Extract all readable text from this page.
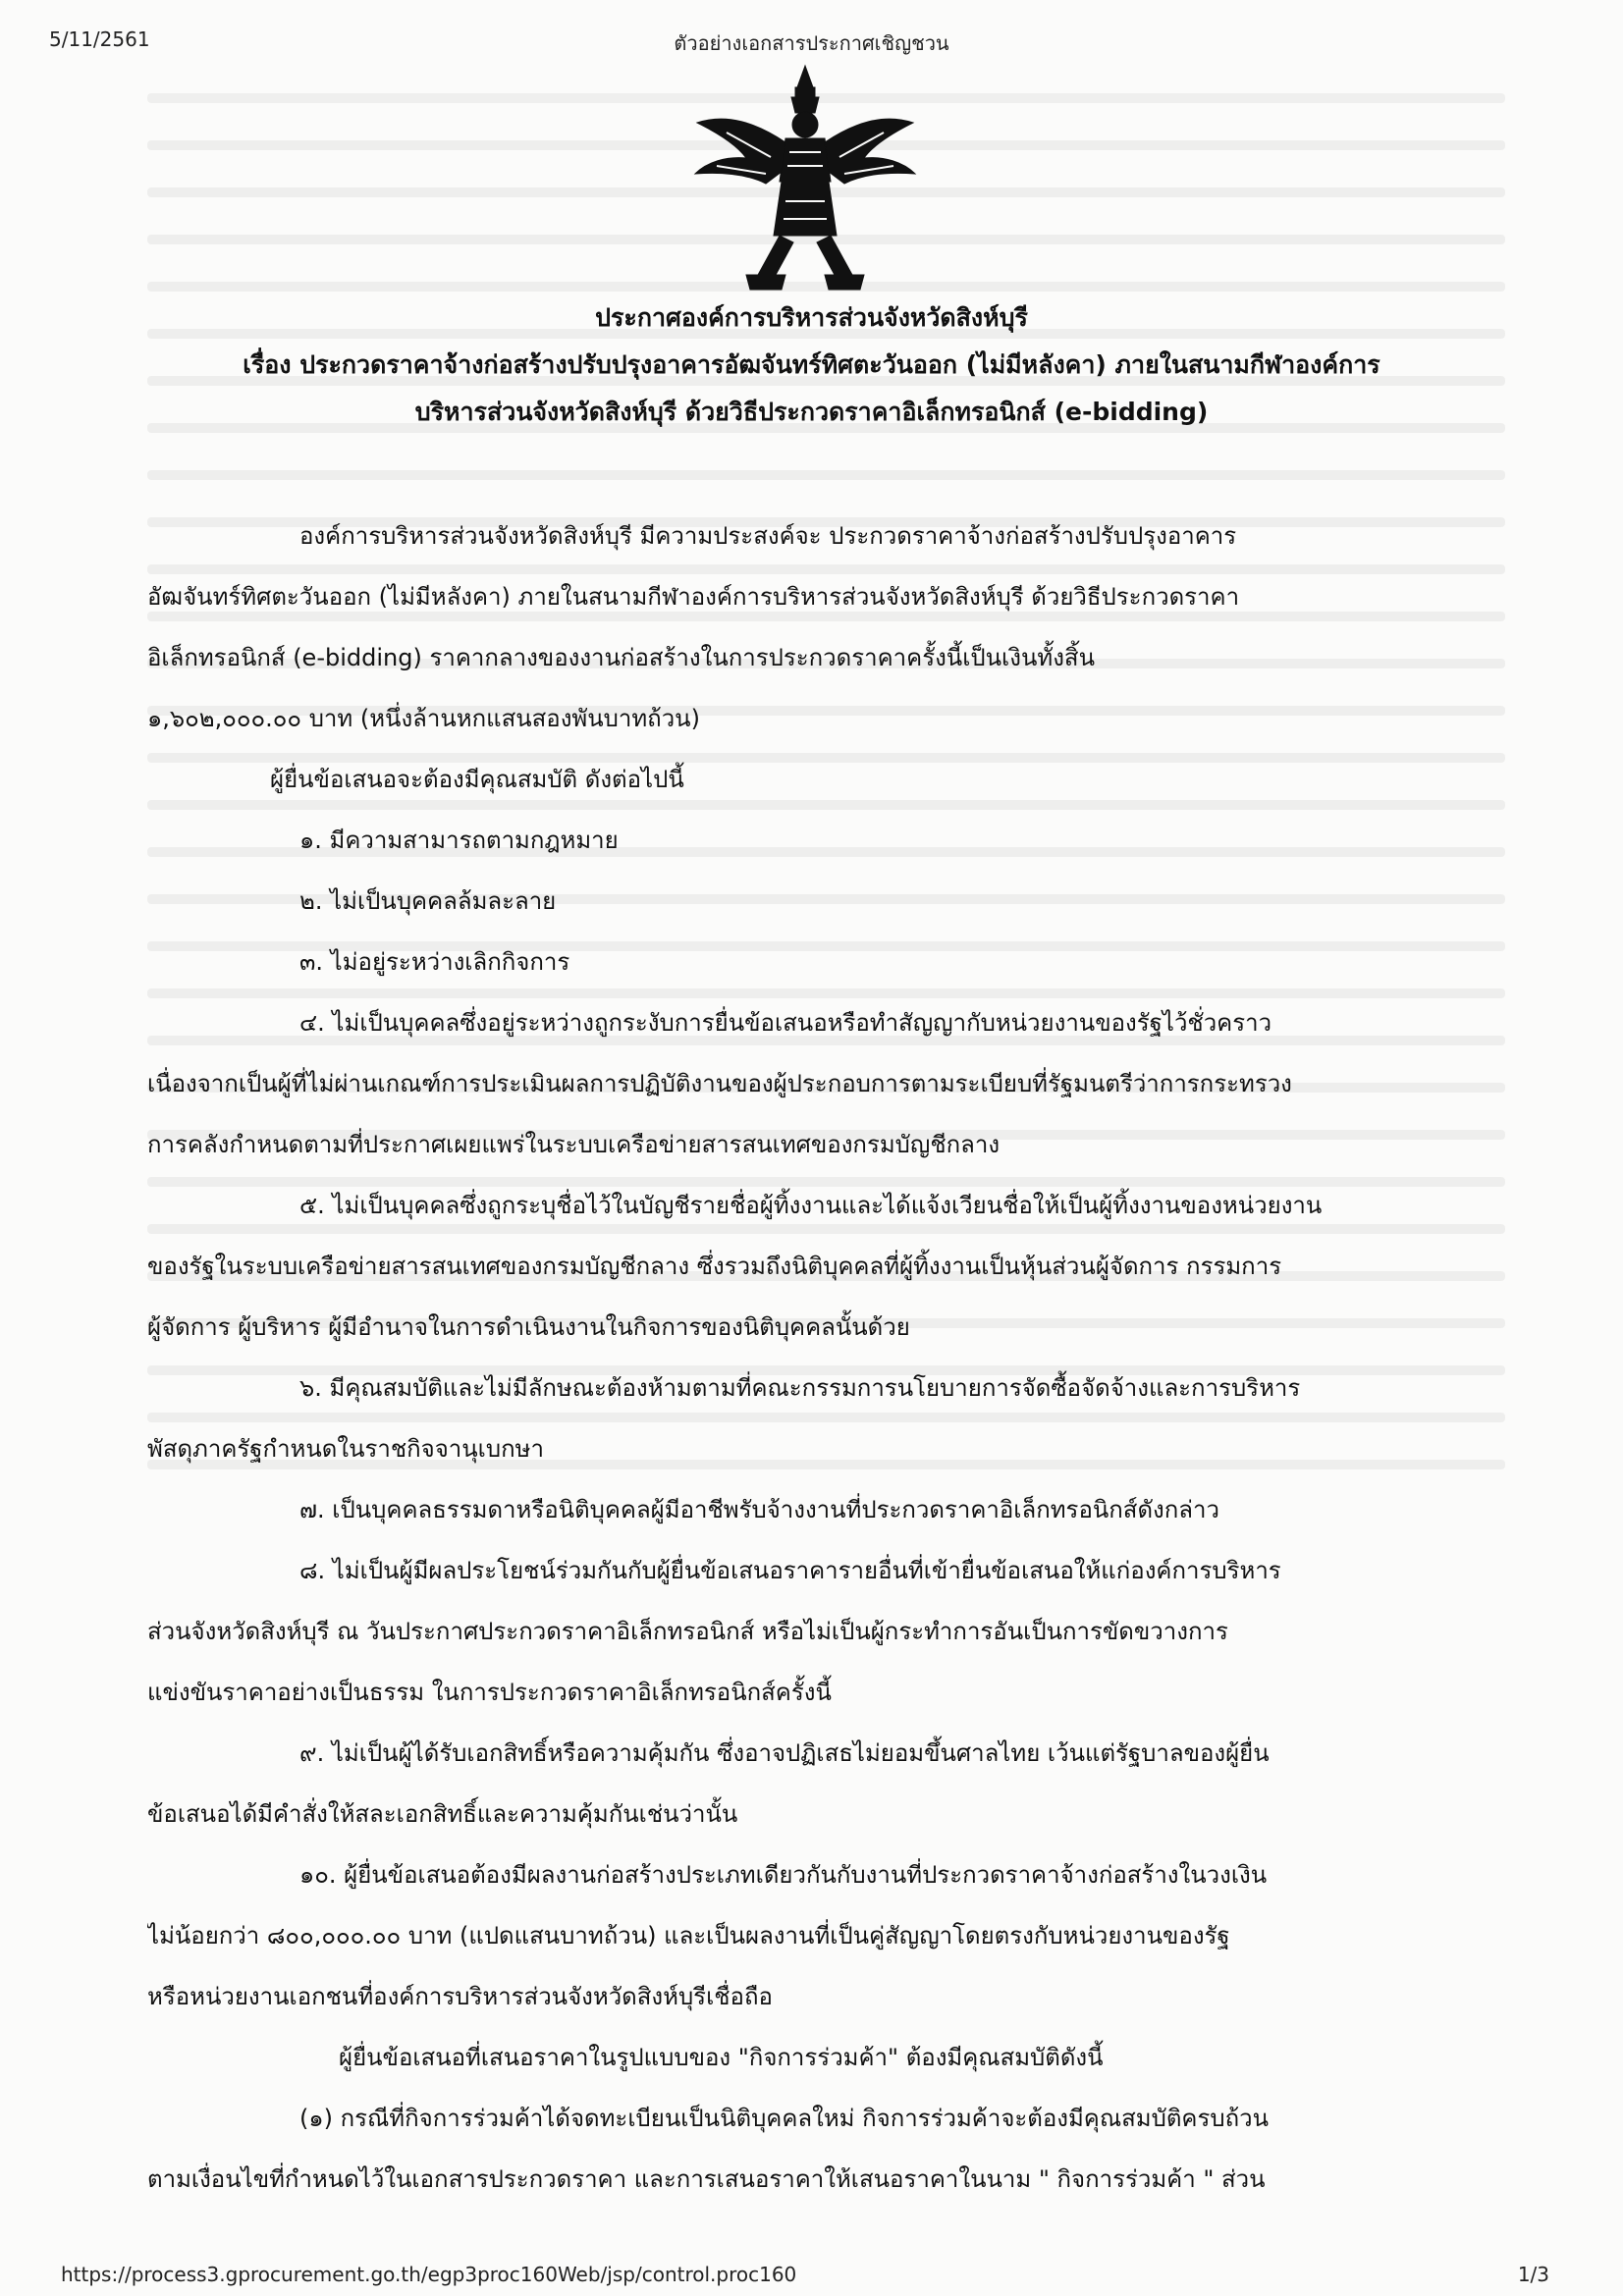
5/11/2561	ตัวอย่างเอกสารประกาศเชิญชวน
ประกาศองค์การบริหารส่วนจังหวัดสิงห์บุรี
เรื่อง ประกวดราคาจ้างก่อสร้างปรับปรุงอาคารอัฒจันทร์ทิศตะวันออก (ไม่มีหลังคา) ภายในสนามกีฬาองค์การ
บริหารส่วนจังหวัดสิงห์บุรี ด้วยวิธีประกวดราคาอิเล็กทรอนิกส์ (e-bidding)
องค์การบริหารส่วนจังหวัดสิงห์บุรี มีความประสงค์จะ ประกวดราคาจ้างก่อสร้างปรับปรุงอาคาร
อัฒจันทร์ทิศตะวันออก (ไม่มีหลังคา) ภายในสนามกีฬาองค์การบริหารส่วนจังหวัดสิงห์บุรี ด้วยวิธีประกวดราคา
อิเล็กทรอนิกส์ (e-bidding) ราคากลางของงานก่อสร้างในการประกวดราคาครั้งนี้เป็นเงินทั้งสิ้น
๑,๖๐๒,๐๐๐.๐๐ บาท (หนึ่งล้านหกแสนสองพันบาทถ้วน)
ผู้ยื่นข้อเสนอจะต้องมีคุณสมบัติ ดังต่อไปนี้
๑. มีความสามารถตามกฎหมาย
๒. ไม่เป็นบุคคลล้มละลาย
๓. ไม่อยู่ระหว่างเลิกกิจการ
๔. ไม่เป็นบุคคลซึ่งอยู่ระหว่างถูกระงับการยื่นข้อเสนอหรือทำสัญญากับหน่วยงานของรัฐไว้ชั่วคราว
เนื่องจากเป็นผู้ที่ไม่ผ่านเกณฑ์การประเมินผลการปฏิบัติงานของผู้ประกอบการตามระเบียบที่รัฐมนตรีว่าการกระทรวง
การคลังกำหนดตามที่ประกาศเผยแพร่ในระบบเครือข่ายสารสนเทศของกรมบัญชีกลาง
๕. ไม่เป็นบุคคลซึ่งถูกระบุชื่อไว้ในบัญชีรายชื่อผู้ทิ้งงานและได้แจ้งเวียนชื่อให้เป็นผู้ทิ้งงานของหน่วยงาน
ของรัฐในระบบเครือข่ายสารสนเทศของกรมบัญชีกลาง ซึ่งรวมถึงนิติบุคคลที่ผู้ทิ้งงานเป็นหุ้นส่วนผู้จัดการ กรรมการ
ผู้จัดการ ผู้บริหาร ผู้มีอำนาจในการดำเนินงานในกิจการของนิติบุคคลนั้นด้วย
๖. มีคุณสมบัติและไม่มีลักษณะต้องห้ามตามที่คณะกรรมการนโยบายการจัดซื้อจัดจ้างและการบริหาร
พัสดุภาครัฐกำหนดในราชกิจจานุเบกษา
๗. เป็นบุคคลธรรมดาหรือนิติบุคคลผู้มีอาชีพรับจ้างงานที่ประกวดราคาอิเล็กทรอนิกส์ดังกล่าว
๘. ไม่เป็นผู้มีผลประโยชน์ร่วมกันกับผู้ยื่นข้อเสนอราคารายอื่นที่เข้ายื่นข้อเสนอให้แก่องค์การบริหาร
ส่วนจังหวัดสิงห์บุรี ณ วันประกาศประกวดราคาอิเล็กทรอนิกส์ หรือไม่เป็นผู้กระทำการอันเป็นการขัดขวางการ
แข่งขันราคาอย่างเป็นธรรม ในการประกวดราคาอิเล็กทรอนิกส์ครั้งนี้
๙. ไม่เป็นผู้ได้รับเอกสิทธิ์หรือความคุ้มกัน ซึ่งอาจปฏิเสธไม่ยอมขึ้นศาลไทย เว้นแต่รัฐบาลของผู้ยื่น
ข้อเสนอได้มีคำสั่งให้สละเอกสิทธิ์และความคุ้มกันเช่นว่านั้น
๑๐. ผู้ยื่นข้อเสนอต้องมีผลงานก่อสร้างประเภทเดียวกันกับงานที่ประกวดราคาจ้างก่อสร้างในวงเงิน
ไม่น้อยกว่า ๘๐๐,๐๐๐.๐๐ บาท (แปดแสนบาทถ้วน) และเป็นผลงานที่เป็นคู่สัญญาโดยตรงกับหน่วยงานของรัฐ
หรือหน่วยงานเอกชนที่องค์การบริหารส่วนจังหวัดสิงห์บุรีเชื่อถือ
ผู้ยื่นข้อเสนอที่เสนอราคาในรูปแบบของ "กิจการร่วมค้า" ต้องมีคุณสมบัติดังนี้
(๑) กรณีที่กิจการร่วมค้าได้จดทะเบียนเป็นนิติบุคคลใหม่ กิจการร่วมค้าจะต้องมีคุณสมบัติครบถ้วน
ตามเงื่อนไขที่กำหนดไว้ในเอกสารประกวดราคา และการเสนอราคาให้เสนอราคาในนาม " กิจการร่วมค้า " ส่วน
https://process3.gprocurement.go.th/egp3proc160Web/jsp/control.proc160	1/3
